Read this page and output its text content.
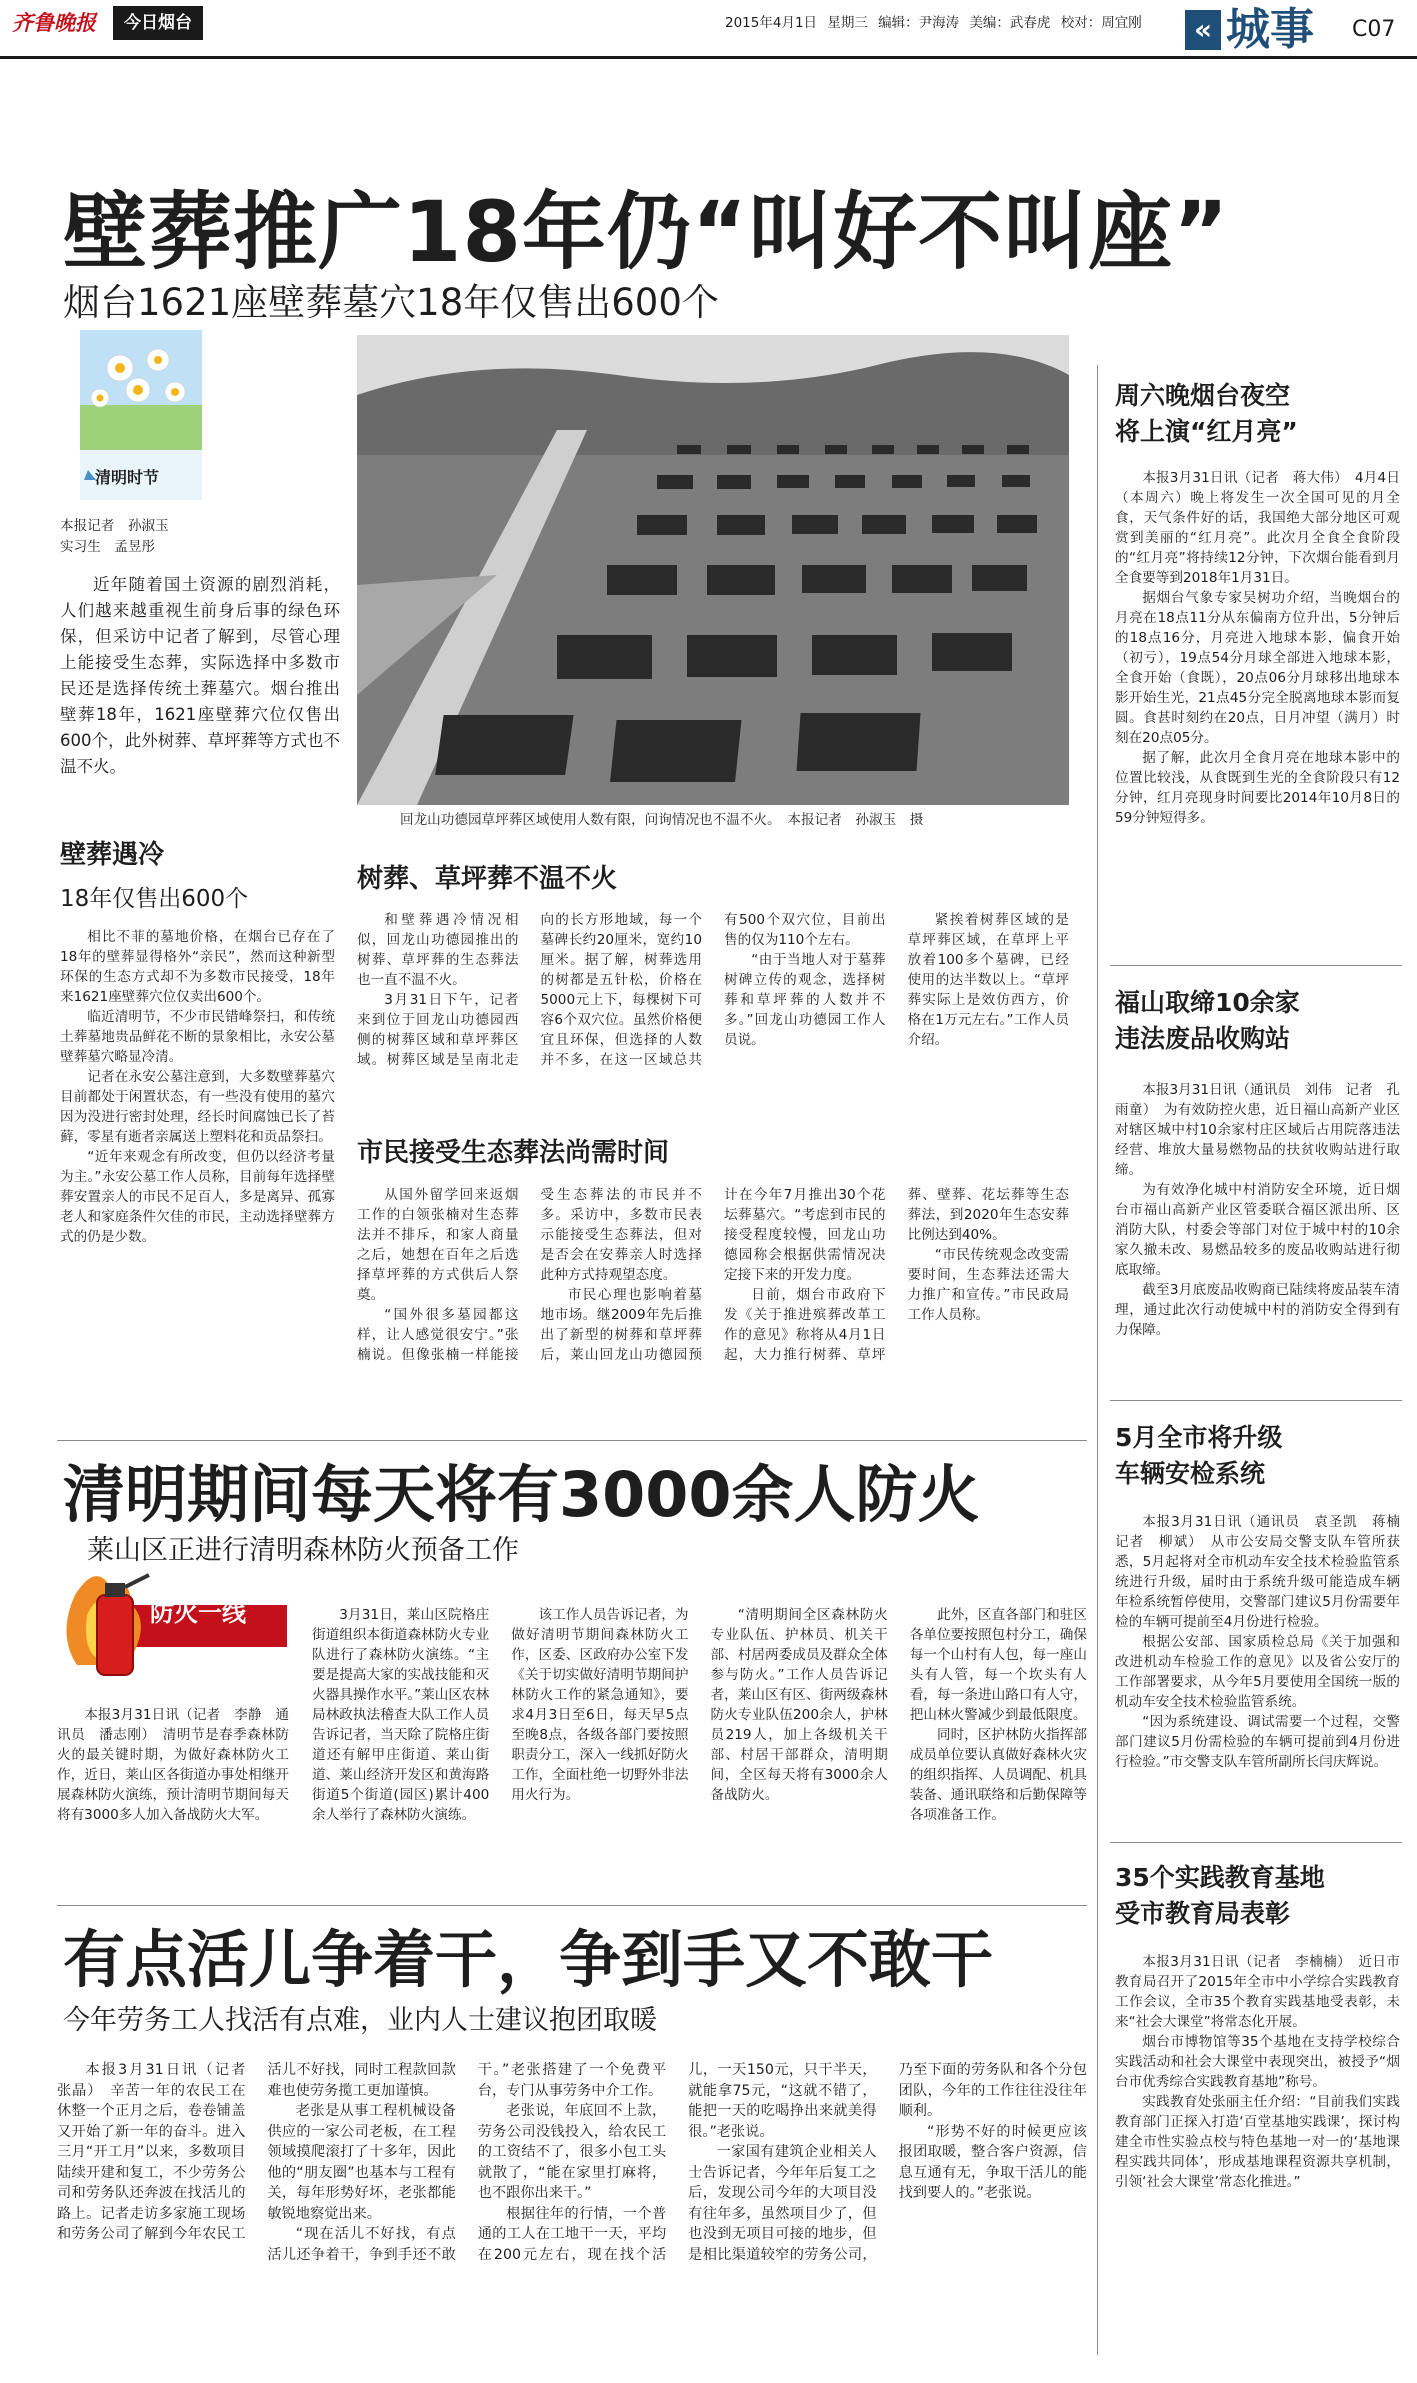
齐鲁晚报	今日烟台	2015年4月1日 星期三 编辑：尹海涛 美编：武春虎 校对：周宜刚	« 城事	C07
壁葬推广18年仍“叫好不叫座”
烟台1621座壁葬墓穴18年仅售出600个
清明时节
本报记者　孙淑玉
实习生　孟昱彤

近年随着国土资源的剧烈消耗，人们越来越重视生前身后事的绿色环保，但采访中记者了解到，尽管心理上能接受生态葬，实际选择中多数市民还是选择传统土葬墓穴。烟台推出壁葬18年，1621座壁葬穴位仅售出600个，此外树葬、草坪葬等方式也不温不火。

回龙山功德园草坪葬区域使用人数有限，问询情况也不温不火。　本报记者　孙淑玉　摄
壁葬遇冷
18年仅售出600个

相比不菲的墓地价格，在烟台已存在了18年的壁葬显得格外“亲民”，然而这种新型环保的生态方式却不为多数市民接受，18年来1621座壁葬穴位仅卖出600个。

临近清明节，不少市民错峰祭扫，和传统土葬墓地贵品鲜花不断的景象相比，永安公墓壁葬墓穴略显冷清。

记者在永安公墓注意到，大多数壁葬墓穴目前都处于闲置状态，有一些没有使用的墓穴因为没进行密封处理，经长时间腐蚀已长了苔藓，零星有逝者亲属送上塑料花和贡品祭扫。

“近年来观念有所改变，但仍以经济考量为主。”永安公墓工作人员称，目前每年选择壁葬安置亲人的市民不足百人，多是离异、孤寡老人和家庭条件欠佳的市民，主动选择壁葬方式的仍是少数。

树葬、草坪葬不温不火

和壁葬遇冷情况相似，回龙山功德园推出的树葬、草坪葬的生态葬法也一直不温不火。

3月31日下午，记者来到位于回龙山功德园西侧的树葬区域和草坪葬区域。树葬区域是呈南北走向的长方形地域，每一个墓碑长约20厘米，宽约10厘米。据了解，树葬选用的树都是五针松，价格在5000元上下，每棵树下可容6个双穴位。虽然价格便宜且环保，但选择的人数并不多，在这一区域总共有500个双穴位，目前出售的仅为110个左右。

“由于当地人对于墓葬树碑立传的观念，选择树葬和草坪葬的人数并不多。”回龙山功德园工作人员说。

紧挨着树葬区域的是草坪葬区域，在草坪上平放着100多个墓碑，已经使用的达半数以上。“草坪葬实际上是效仿西方，价格在1万元左右。”工作人员介绍。

市民接受生态葬法尚需时间

从国外留学回来返烟工作的白领张楠对生态葬法并不排斥，和家人商量之后，她想在百年之后选择草坪葬的方式供后人祭奠。

“国外很多墓园都这样，让人感觉很安宁。”张楠说。但像张楠一样能接受生态葬法的市民并不多。采访中，多数市民表示能接受生态葬法，但对是否会在安葬亲人时选择此种方式持观望态度。

市民心理也影响着墓地市场。继2009年先后推出了新型的树葬和草坪葬后，莱山回龙山功德园预计在今年7月推出30个花坛葬墓穴。“考虑到市民的接受程度较慢，回龙山功德园称会根据供需情况决定接下来的开发力度。

日前，烟台市政府下发《关于推进殡葬改革工作的意见》称将从4月1日起，大力推行树葬、草坪葬、壁葬、花坛葬等生态葬法，到2020年生态安葬比例达到40%。

“市民传统观念改变需要时间，生态葬法还需大力推广和宣传。”市民政局工作人员称。

清明期间每天将有3000余人防火
莱山区正进行清明森林防火预备工作
防火一线

本报3月31日讯（记者　李静　通讯员　潘志刚）　清明节是春季森林防火的最关键时期，为做好森林防火工作，近日，莱山区各街道办事处相继开展森林防火演练，预计清明节期间每天将有3000多人加入备战防火大军。

3月31日，莱山区院格庄街道组织本街道森林防火专业队进行了森林防火演练。“主要是提高大家的实战技能和灭火器具操作水平。”莱山区农林局林政执法稽查大队工作人员告诉记者，当天除了院格庄街道还有解甲庄街道、莱山街道、莱山经济开发区和黄海路街道5个街道(园区)累计400余人举行了森林防火演练。

该工作人员告诉记者，为做好清明节期间森林防火工作，区委、区政府办公室下发《关于切实做好清明节期间护林防火工作的紧急通知》，要求4月3日至6日，每天早5点至晚8点，各级各部门要按照职责分工，深入一线抓好防火工作，全面杜绝一切野外非法用火行为。

“清明期间全区森林防火专业队伍、护林员、机关干部、村居两委成员及群众全体参与防火。”工作人员告诉记者，莱山区有区、街两级森林防火专业队伍200余人，护林员219人，加上各级机关干部、村居干部群众，清明期间，全区每天将有3000余人备战防火。

此外，区直各部门和驻区各单位要按照包村分工，确保每一个山村有人包，每一座山头有人管，每一个坎头有人看，每一条进山路口有人守，把山林火警减少到最低限度。

同时，区护林防火指挥部成员单位要认真做好森林火灾的组织指挥、人员调配、机具装备、通讯联络和后勤保障等各项准备工作。

有点活儿争着干，争到手又不敢干
今年劳务工人找活有点难，业内人士建议抱团取暖

本报3月31日讯（记者　张晶）　辛苦一年的农民工在休整一个正月之后，卷卷铺盖又开始了新一年的奋斗。进入三月“开工月”以来，多数项目陆续开建和复工，不少劳务公司和劳务队还奔波在找活儿的路上。记者走访多家施工现场和劳务公司了解到今年农民工活儿不好找，同时工程款回款难也使劳务揽工更加谨慎。

老张是从事工程机械设备供应的一家公司老板，在工程领域摸爬滚打了十多年，因此他的“朋友圈”也基本与工程有关，每年形势好坏，老张都能敏锐地察觉出来。

“现在活儿不好找，有点活儿还争着干，争到手还不敢干。”老张搭建了一个免费平台，专门从事劳务中介工作。

老张说，年底回不上款，劳务公司没钱投入，给农民工的工资结不了，很多小包工头就散了，“能在家里打麻将，也不跟你出来干。”

根据往年的行情，一个普通的工人在工地干一天，平均在200元左右，现在找个活儿，一天150元，只干半天，就能拿75元，“这就不错了，能把一天的吃喝挣出来就美得很。”老张说。

一家国有建筑企业相关人士告诉记者，今年年后复工之后，发现公司今年的大项目没有往年多，虽然项目少了，但也没到无项目可接的地步，但是相比渠道较窄的劳务公司，乃至下面的劳务队和各个分包团队，今年的工作往往没往年顺利。

“形势不好的时候更应该报团取暖，整合客户资源，信息互通有无，争取干活儿的能找到要人的。”老张说。

周六晚烟台夜空
将上演“红月亮”

本报3月31日讯（记者　蒋大伟）　4月4日（本周六）晚上将发生一次全国可见的月全食，天气条件好的话，我国绝大部分地区可观赏到美丽的“红月亮”。此次月全食全食阶段的“红月亮”将持续12分钟，下次烟台能看到月全食要等到2018年1月31日。

据烟台气象专家吴树功介绍，当晚烟台的月亮在18点11分从东偏南方位升出，5分钟后的18点16分，月亮进入地球本影，偏食开始（初亏），19点54分月球全部进入地球本影，全食开始（食既），20点06分月球移出地球本影开始生光，21点45分完全脱离地球本影而复圆。食甚时刻约在20点，日月冲望（满月）时刻在20点05分。

据了解，此次月全食月亮在地球本影中的位置比较浅，从食既到生光的全食阶段只有12分钟，红月亮现身时间要比2014年10月8日的59分钟短得多。

福山取缔10余家
违法废品收购站

本报3月31日讯（通讯员　刘伟　记者　孔雨童）　为有效防控火患，近日福山高新产业区对辖区城中村10余家村庄区域后占用院落违法经营、堆放大量易燃物品的扶贫收购站进行取缔。

为有效净化城中村消防安全环境，近日烟台市福山高新产业区管委联合福区派出所、区消防大队，村委会等部门对位于城中村的10余家久撤未改、易燃品较多的废品收购站进行彻底取缔。

截至3月底废品收购商已陆续将废品装车清理，通过此次行动使城中村的消防安全得到有力保障。

5月全市将升级
车辆安检系统

本报3月31日讯（通讯员　袁圣凯　蒋楠　记者　柳斌）　从市公安局交警支队车管所获悉，5月起将对全市机动车安全技术检验监管系统进行升级，届时由于系统升级可能造成车辆年检系统暂停使用，交警部门建议5月份需要年检的车辆可提前至4月份进行检验。

根据公安部、国家质检总局《关于加强和改进机动车检验工作的意见》以及省公安厅的工作部署要求，从今年5月要使用全国统一版的机动车安全技术检验监管系统。

“因为系统建设、调试需要一个过程，交警部门建议5月份需检验的车辆可提前到4月份进行检验。”市交警支队车管所副所长闫庆辉说。

35个实践教育基地
受市教育局表彰

本报3月31日讯（记者　李楠楠）　近日市教育局召开了2015年全市中小学综合实践教育工作会议，全市35个教育实践基地受表彰，未来“社会大课堂”将常态化开展。

烟台市博物馆等35个基地在支持学校综合实践活动和社会大课堂中表现突出，被授予“烟台市优秀综合实践教育基地”称号。

实践教育处张丽主任介绍：“目前我们实践教育部门正探入打造‘百堂基地实践课’，探讨构建全市性实验点校与特色基地一对一的‘基地课程实践共同体’，形成基地课程资源共享机制，引领‘社会大课堂’常态化推进。”
